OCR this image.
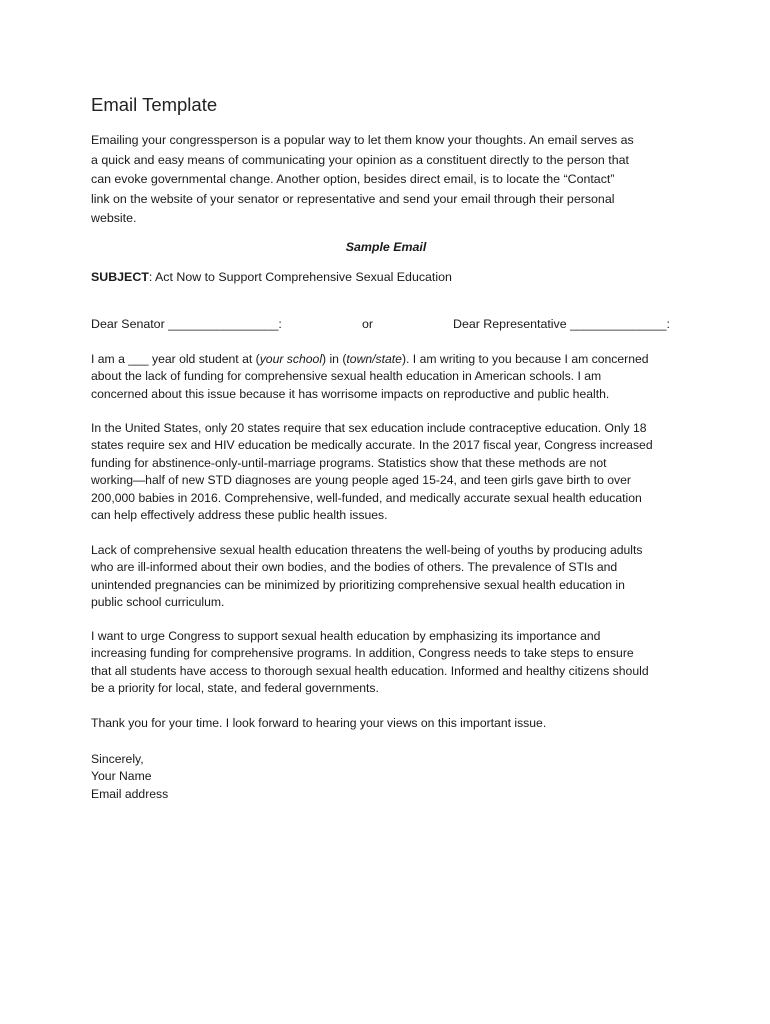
Email Template
Emailing your congressperson is a popular way to let them know your thoughts. An email serves as
a quick and easy means of communicating your opinion as a constituent directly to the person that
can evoke governmental change. Another option, besides direct email, is to locate the “Contact”
link on the website of your senator or representative and send your email through their personal
website.
Sample Email
SUBJECT: Act Now to Support Comprehensive Sexual Education
Dear Senator ________________:	or	Dear Representative ______________:
I am a ___ year old student at (your school) in (town/state). I am writing to you because I am concerned
about the lack of funding for comprehensive sexual health education in American schools. I am
concerned about this issue because it has worrisome impacts on reproductive and public health.
In the United States, only 20 states require that sex education include contraceptive education. Only 18
states require sex and HIV education be medically accurate. In the 2017 fiscal year, Congress increased
funding for abstinence-only-until-marriage programs. Statistics show that these methods are not
working—half of new STD diagnoses are young people aged 15-24, and teen girls gave birth to over
200,000 babies in 2016. Comprehensive, well-funded, and medically accurate sexual health education
can help effectively address these public health issues.
Lack of comprehensive sexual health education threatens the well-being of youths by producing adults
who are ill-informed about their own bodies, and the bodies of others. The prevalence of STIs and
unintended pregnancies can be minimized by prioritizing comprehensive sexual health education in
public school curriculum.
I want to urge Congress to support sexual health education by emphasizing its importance and
increasing funding for comprehensive programs. In addition, Congress needs to take steps to ensure
that all students have access to thorough sexual health education. Informed and healthy citizens should
be a priority for local, state, and federal governments.
Thank you for your time. I look forward to hearing your views on this important issue.
Sincerely,
Your Name
Email address
